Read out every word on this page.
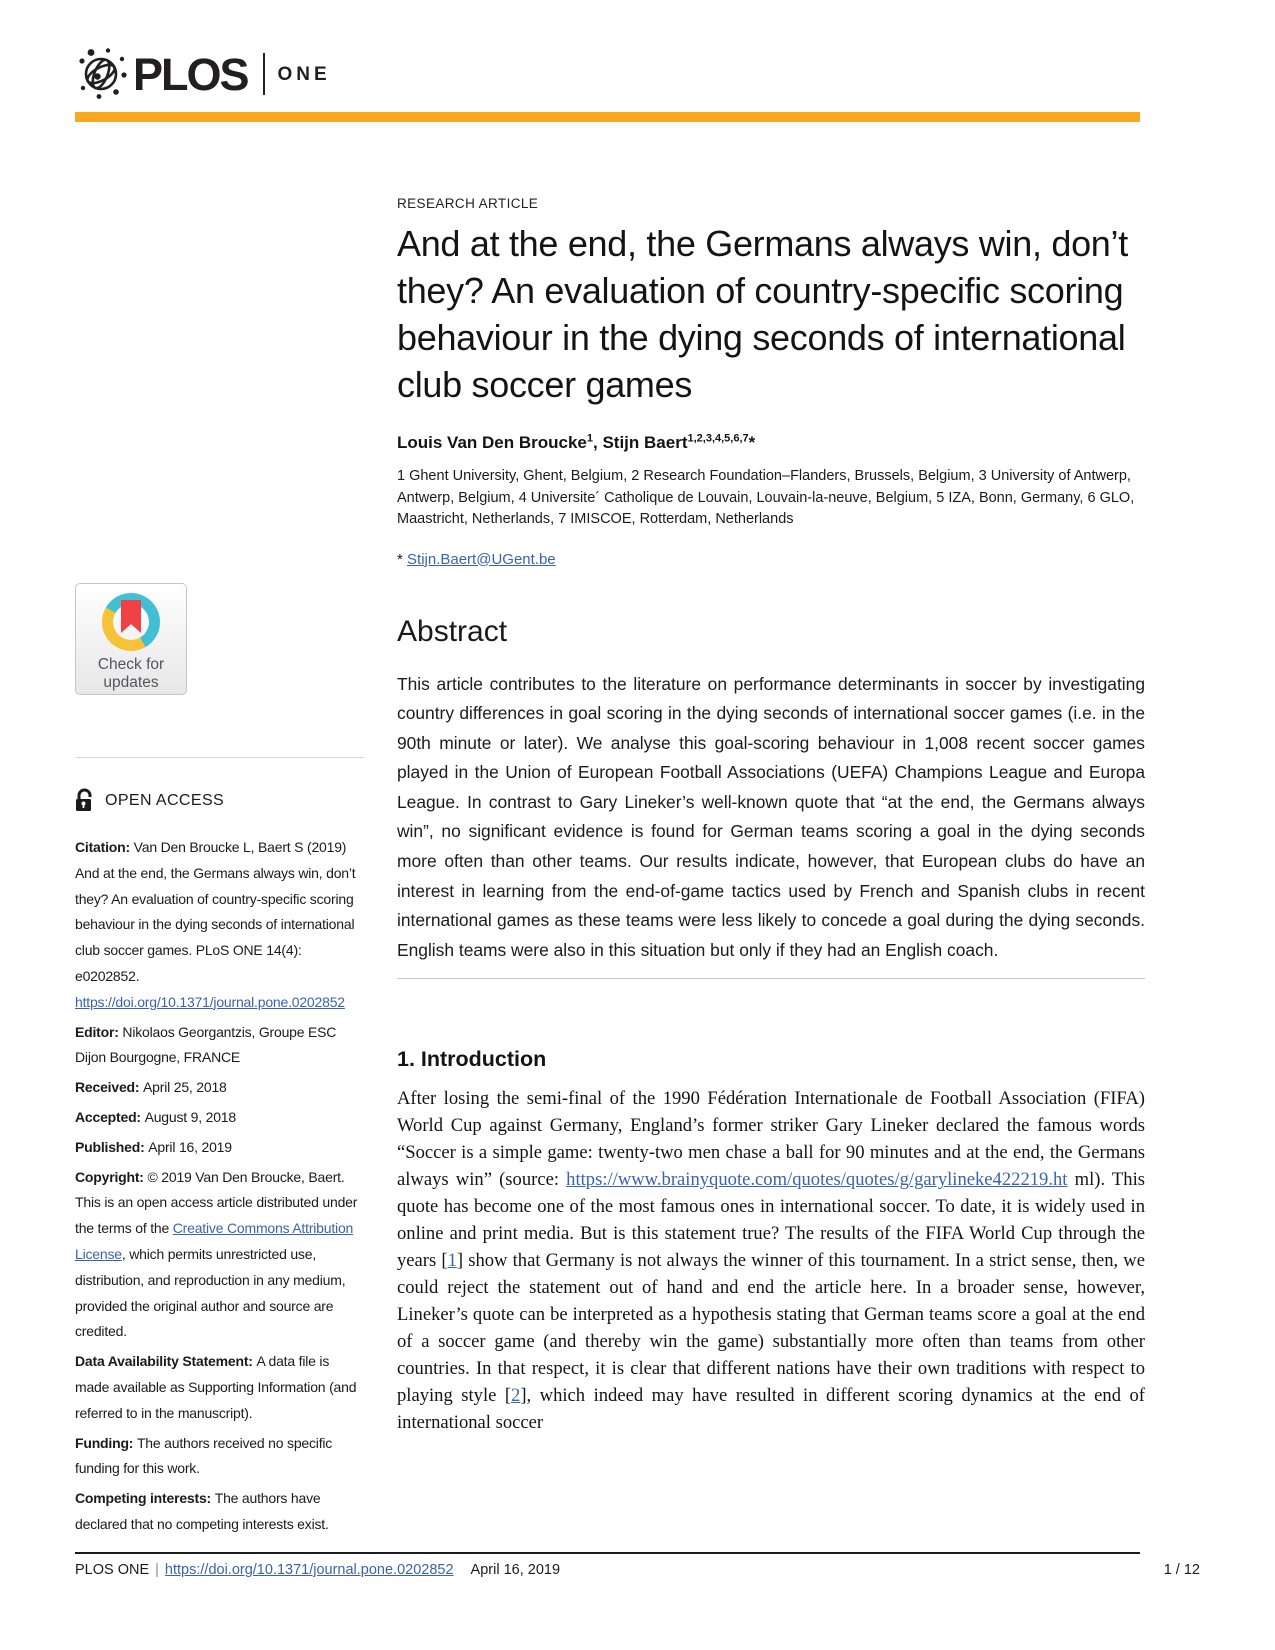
PLOS ONE
Check for
updates
OPEN ACCESS

Citation: Van Den Broucke L, Baert S (2019) And at the end, the Germans always win, don’t they? An evaluation of country-specific scoring behaviour in the dying seconds of international club soccer games. PLoS ONE 14(4): e0202852. https://doi.org/10.1371/journal.pone.0202852

Editor: Nikolaos Georgantzis, Groupe ESC Dijon Bourgogne, FRANCE

Received: April 25, 2018

Accepted: August 9, 2018

Published: April 16, 2019

Copyright: © 2019 Van Den Broucke, Baert. This is an open access article distributed under the terms of the Creative Commons Attribution License, which permits unrestricted use, distribution, and reproduction in any medium, provided the original author and source are credited.

Data Availability Statement: A data file is made available as Supporting Information (and referred to in the manuscript).

Funding: The authors received no specific funding for this work.

Competing interests: The authors have declared that no competing interests exist.

RESEARCH ARTICLE
And at the end, the Germans always win, don’t they? An evaluation of country-specific scoring behaviour in the dying seconds of international club soccer games
Louis Van Den Broucke$^1$, Stijn Baert$^{1,2,3,4,5,6,7}$*
1 Ghent University, Ghent, Belgium, 2 Research Foundation–Flanders, Brussels, Belgium, 3 University of Antwerp, Antwerp, Belgium, 4 Universite´ Catholique de Louvain, Louvain-la-neuve, Belgium, 5 IZA, Bonn, Germany, 6 GLO, Maastricht, Netherlands, 7 IMISCOE, Rotterdam, Netherlands
* Stijn.Baert@UGent.be
Abstract

This article contributes to the literature on performance determinants in soccer by investigating country differences in goal scoring in the dying seconds of international soccer games (i.e. in the 90th minute or later). We analyse this goal-scoring behaviour in 1,008 recent soccer games played in the Union of European Football Associations (UEFA) Champions League and Europa League. In contrast to Gary Lineker’s well-known quote that “at the end, the Germans always win”, no significant evidence is found for German teams scoring a goal in the dying seconds more often than other teams. Our results indicate, however, that European clubs do have an interest in learning from the end-of-game tactics used by French and Spanish clubs in recent international games as these teams were less likely to concede a goal during the dying seconds. English teams were also in this situation but only if they had an English coach.

1. Introduction

After losing the semi-final of the 1990 Fédération Internationale de Football Association (FIFA) World Cup against Germany, England’s former striker Gary Lineker declared the famous words “Soccer is a simple game: twenty-two men chase a ball for 90 minutes and at the end, the Germans always win” (source: https://www.brainyquote.com/quotes/quotes/g/garylineke422219.ht ml). This quote has become one of the most famous ones in international soccer. To date, it is widely used in online and print media. But is this statement true? The results of the FIFA World Cup through the years [1] show that Germany is not always the winner of this tournament. In a strict sense, then, we could reject the statement out of hand and end the article here. In a broader sense, however, Lineker’s quote can be interpreted as a hypothesis stating that German teams score a goal at the end of a soccer game (and thereby win the game) substantially more often than teams from other countries. In that respect, it is clear that different nations have their own traditions with respect to playing style [2], which indeed may have resulted in different scoring dynamics at the end of international soccer

PLOS ONE | https://doi.org/10.1371/journal.pone.0202852 April 16, 2019	1 / 12
